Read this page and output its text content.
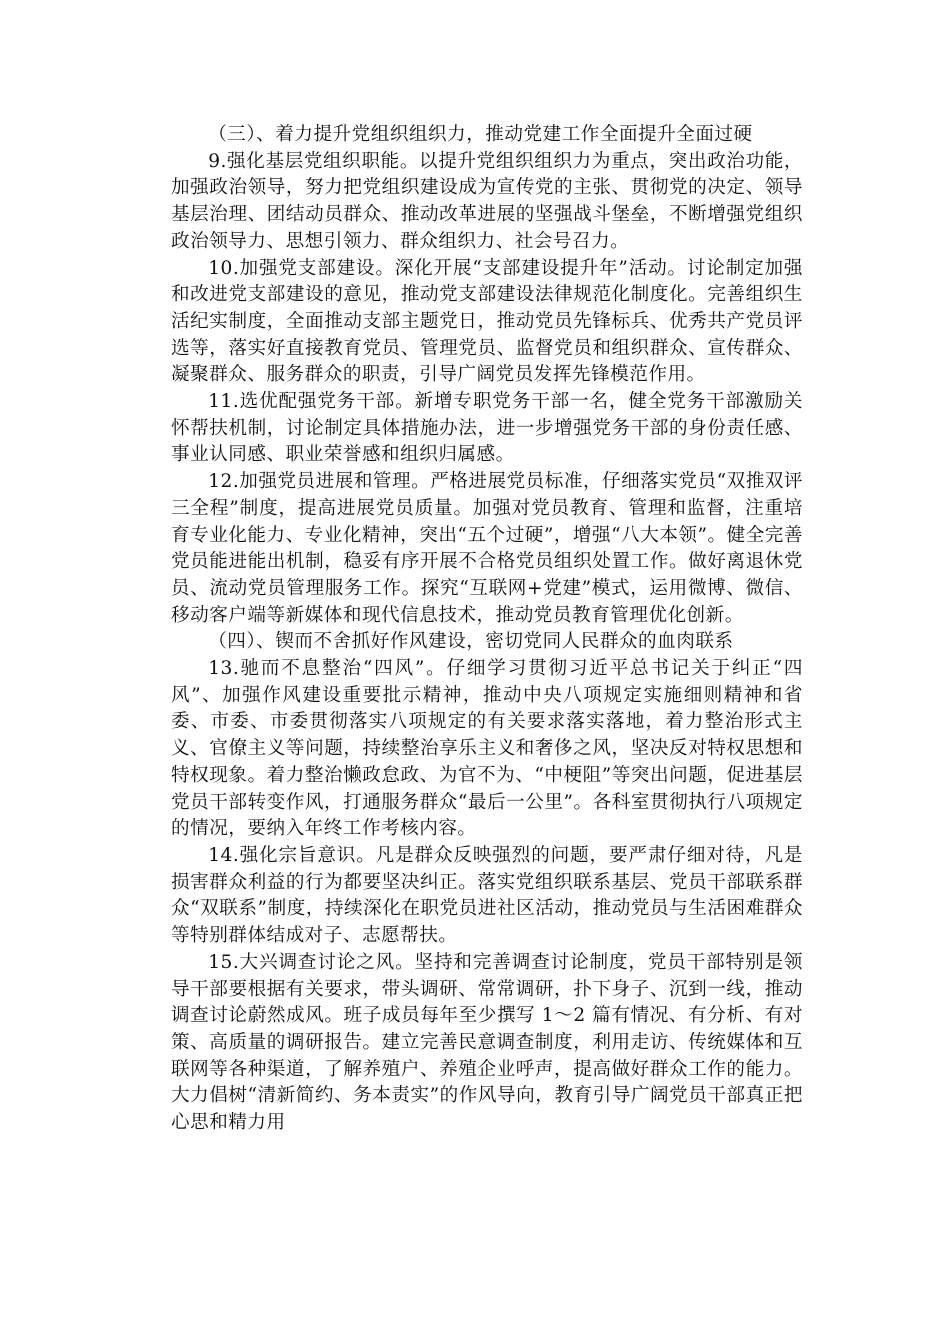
（三）、着力提升党组织组织力，推动党建工作全面提升全面过硬

9.强化基层党组织职能。以提升党组织组织力为重点，突出政治功能，加强政治领导，努力把党组织建设成为宣传党的主张、贯彻党的决定、领导基层治理、团结动员群众、推动改革进展的坚强战斗堡垒，不断增强党组织政治领导力、思想引领力、群众组织力、社会号召力。

10.加强党支部建设。深化开展“支部建设提升年”活动。讨论制定加强和改进党支部建设的意见，推动党支部建设法律规范化制度化。完善组织生活纪实制度，全面推动支部主题党日，推动党员先锋标兵、优秀共产党员评选等，落实好直接教育党员、管理党员、监督党员和组织群众、宣传群众、凝聚群众、服务群众的职责，引导广阔党员发挥先锋模范作用。

11.选优配强党务干部。新增专职党务干部一名，健全党务干部激励关怀帮扶机制，讨论制定具体措施办法，进一步增强党务干部的身份责任感、事业认同感、职业荣誉感和组织归属感。

12.加强党员进展和管理。严格进展党员标准，仔细落实党员“双推双评三全程”制度，提高进展党员质量。加强对党员教育、管理和监督，注重培育专业化能力、专业化精神，突出“五个过硬”，增强“八大本领”。健全完善党员能进能出机制，稳妥有序开展不合格党员组织处置工作。做好离退休党员、流动党员管理服务工作。探究“互联网+党建”模式，运用微博、微信、移动客户端等新媒体和现代信息技术，推动党员教育管理优化创新。

（四）、锲而不舍抓好作风建设，密切党同人民群众的血肉联系

13.驰而不息整治“四风”。仔细学习贯彻习近平总书记关于纠正“四风”、加强作风建设重要批示精神，推动中央八项规定实施细则精神和省委、市委、市委贯彻落实八项规定的有关要求落实落地，着力整治形式主义、官僚主义等问题，持续整治享乐主义和奢侈之风，坚决反对特权思想和特权现象。着力整治懒政怠政、为官不为、“中梗阻”等突出问题，促进基层党员干部转变作风，打通服务群众“最后一公里”。各科室贯彻执行八项规定的情况，要纳入年终工作考核内容。

14.强化宗旨意识。凡是群众反映强烈的问题，要严肃仔细对待，凡是损害群众利益的行为都要坚决纠正。落实党组织联系基层、党员干部联系群众“双联系”制度，持续深化在职党员进社区活动，推动党员与生活困难群众等特别群体结成对子、志愿帮扶。

15.大兴调查讨论之风。坚持和完善调查讨论制度，党员干部特别是领导干部要根据有关要求，带头调研、常常调研，扑下身子、沉到一线，推动调查讨论蔚然成风。班子成员每年至少撰写 1～2 篇有情况、有分析、有对策、高质量的调研报告。建立完善民意调查制度，利用走访、传统媒体和互联网等各种渠道，了解养殖户、养殖企业呼声，提高做好群众工作的能力。大力倡树“清新简约、务本责实”的作风导向，教育引导广阔党员干部真正把心思和精力用
